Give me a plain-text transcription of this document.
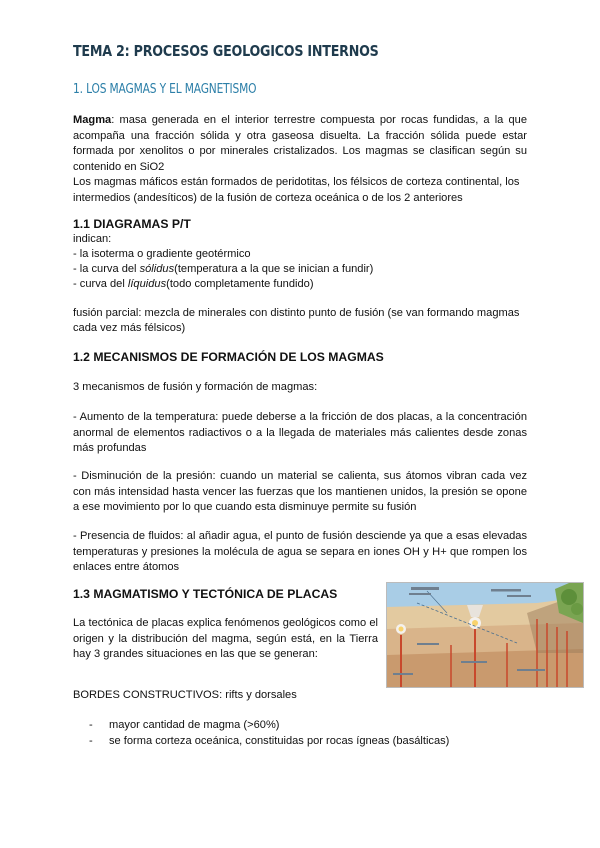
TEMA 2: PROCESOS GEOLOGICOS INTERNOS
1. LOS MAGMAS Y EL MAGNETISMO

Magma: masa generada en el interior terrestre compuesta por rocas fundidas, a la que acompaña una fracción sólida y otra gaseosa disuelta. La fracción sólida puede estar formada por xenolitos o por minerales cristalizados. Los magmas se clasifican según su contenido en SiO2

Los magmas máficos están formados de peridotitas, los félsicos de corteza continental, los intermedios (andesíticos) de la fusión de corteza oceánica o de los 2 anteriores

1.1 DIAGRAMAS P/T
indican:
- la isoterma o gradiente geotérmico
- la curva del sólidus(temperatura a la que se inician a fundir)
- curva del líquidus(todo completamente fundido)
fusión parcial: mezcla de minerales con distinto punto de fusión (se van formando magmas
cada vez más félsicos)
1.2 MECANISMOS DE FORMACIÓN DE LOS MAGMAS
3 mecanismos de fusión y formación de magmas:

- Aumento de la temperatura: puede deberse a la fricción de dos placas, a la concentración anormal de elementos radiactivos o a la llegada de materiales más calientes desde zonas más profundas

- Disminución de la presión: cuando un material se calienta, sus átomos vibran cada vez con más intensidad hasta vencer las fuerzas que los mantienen unidos, la presión se opone a ese movimiento por lo que cuando esta disminuye permite su fusión

- Presencia de fluidos: al añadir agua, el punto de fusión desciende ya que a esas elevadas temperaturas y presiones la molécula de agua se separa en iones OH y H+ que rompen los enlaces entre átomos

1.3 MAGMATISMO Y TECTÓNICA DE PLACAS

La tectónica de placas explica fenómenos geológicos como el origen y la distribución del magma, según está, en la Tierra hay 3 grandes situaciones en las que se generan:

BORDES CONSTRUCTIVOS: rifts y dorsales
- mayor cantidad de magma (>60%)
- se forma corteza oceánica, constituidas por rocas ígneas (basálticas)
